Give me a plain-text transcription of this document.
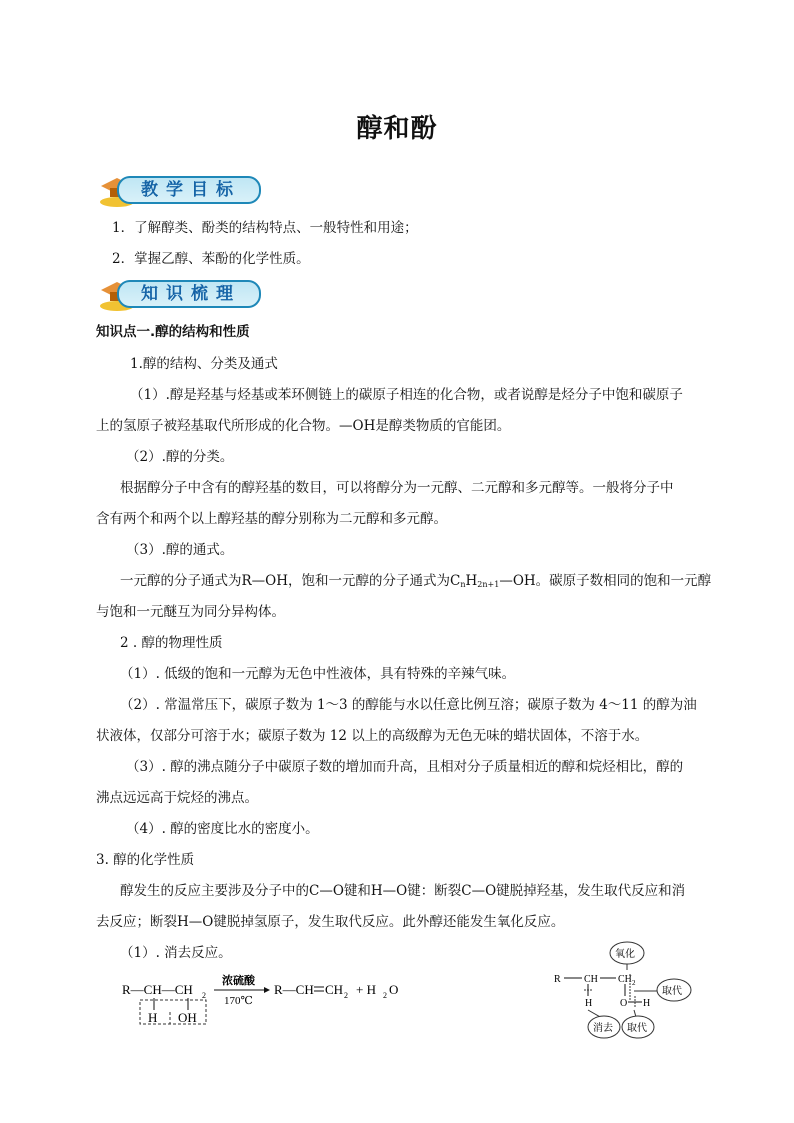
醇和酚
教学目标
1．了解醇类、酚类的结构特点、一般特性和用途；
2．掌握乙醇、苯酚的化学性质。
知识梳理
知识点一.醇的结构和性质
1.醇的结构、分类及通式
（1）.醇是羟基与烃基或苯环侧链上的碳原子相连的化合物，或者说醇是烃分子中饱和碳原子
上的氢原子被羟基取代所形成的化合物。—OH是醇类物质的官能团。
（2）.醇的分类。
根据醇分子中含有的醇羟基的数目，可以将醇分为一元醇、二元醇和多元醇等。一般将分子中
含有两个和两个以上醇羟基的醇分别称为二元醇和多元醇。
（3）.醇的通式。
一元醇的分子通式为R—OH，饱和一元醇的分子通式为$C_nH_{2n+1}—OH$。碳原子数相同的饱和一元醇
与饱和一元醚互为同分异构体。
2 . 醇的物理性质
（1）. 低级的饱和一元醇为无色中性液体，具有特殊的辛辣气味。
（2）. 常温常压下，碳原子数为 1～3 的醇能与水以任意比例互溶；碳原子数为 4～11 的醇为油
状液体，仅部分可溶于水；碳原子数为 12 以上的高级醇为无色无味的蜡状固体，不溶于水。
（3）. 醇的沸点随分子中碳原子数的增加而升高，且相对分子质量相近的醇和烷烃相比，醇的
沸点远远高于烷烃的沸点。
（4）. 醇的密度比水的密度小。
3. 醇的化学性质
醇发生的反应主要涉及分子中的C—O键和H—O键：断裂C—O键脱掉羟基，发生取代反应和消
去反应；断裂H—O键脱掉氢原子，发生取代反应。此外醇还能发生氧化反应。
（1）. 消去反应。
R—CH—CH 2
H OH
浓硫酸
170℃
R—CH CH 2 + H 2 O
氧化
R CH CH 2
H	O H
取代
消去 取代
